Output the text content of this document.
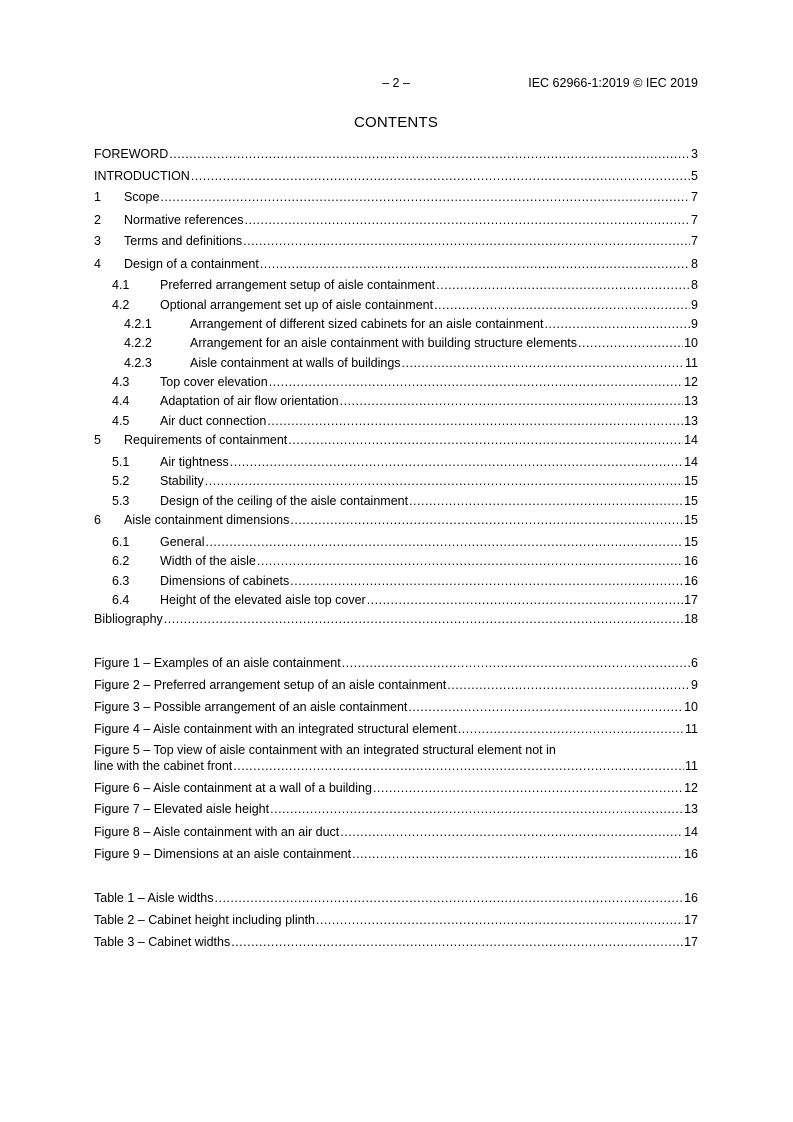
– 2 –	IEC 62966-1:2019 © IEC 2019
CONTENTS
FOREWORD .....	3
INTRODUCTION .....	5
1	Scope .....	7
2	Normative references .....	7
3	Terms and definitions .....	7
4	Design of a containment .....	8
4.1	Preferred arrangement setup of aisle containment .....	8
4.2	Optional arrangement set up of aisle containment .....	9
4.2.1	Arrangement of different sized cabinets for an aisle containment .....	9
4.2.2	Arrangement for an aisle containment with building structure elements .....	10
4.2.3	Aisle containment at walls of buildings .....	11
4.3	Top cover elevation .....	12
4.4	Adaptation of air flow orientation .....	13
4.5	Air duct connection .....	13
5	Requirements of containment .....	14
5.1	Air tightness .....	14
5.2	Stability .....	15
5.3	Design of the ceiling of the aisle containment .....	15
6	Aisle containment dimensions .....	15
6.1	General .....	15
6.2	Width of the aisle .....	16
6.3	Dimensions of cabinets .....	16
6.4	Height of the elevated aisle top cover .....	17
Bibliography .....	18
Figure 1 – Examples of an aisle containment .....	6
Figure 2 – Preferred arrangement setup of an aisle containment .....	9
Figure 3 – Possible arrangement of an aisle containment .....	10
Figure 4 – Aisle containment with an integrated structural element .....	11
Figure 5 – Top view of aisle containment with an integrated structural element not in
line with the cabinet front .....	11
Figure 6 – Aisle containment at a wall of a building .....	12
Figure 7 – Elevated aisle height .....	13
Figure 8 – Aisle containment with an air duct .....	14
Figure 9 – Dimensions at an aisle containment .....	16
Table 1 – Aisle widths .....	16
Table 2 – Cabinet height including plinth .....	17
Table 3 – Cabinet widths .....	17
